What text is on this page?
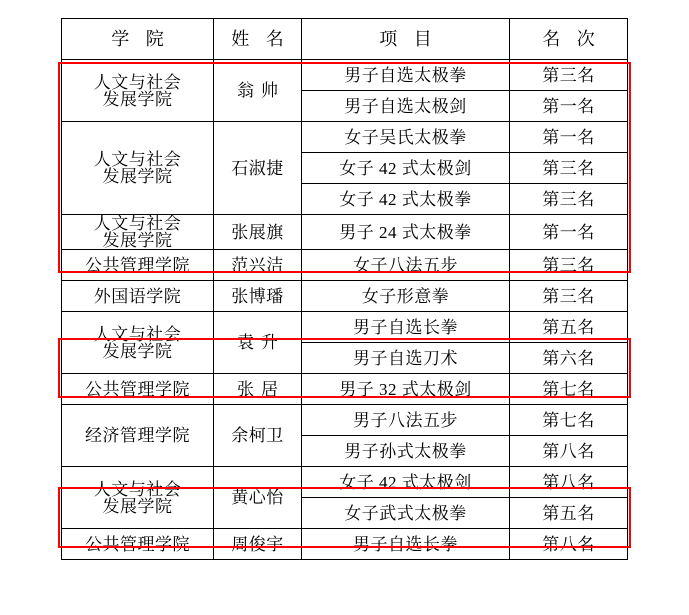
学 院	姓 名	项 目	名 次
人文与社会
发展学院	翁帅	男子自选太极拳	第三名
		男子自选太极剑	第一名
人文与社会
发展学院	石淑捷	女子吴氏太极拳	第一名
		女子 42 式太极剑	第三名
		女子 42 式太极拳	第三名
人文与社会
发展学院	张展旗	男子 24 式太极拳	第一名
公共管理学院	范兴洁	女子八法五步	第三名
外国语学院	张博璠	女子形意拳	第三名
人文与社会
发展学院	袁升	男子自选长拳	第五名
		男子自选刀术	第六名
公共管理学院	张居	男子 32 式太极剑	第七名
经济管理学院	余柯卫	男子八法五步	第七名
		男子孙式太极拳	第八名
人文与社会
发展学院	黄心怡	女子 42 式太极剑	第八名
		女子武式太极拳	第五名
公共管理学院	周俊宇	男子自选长拳	第八名
